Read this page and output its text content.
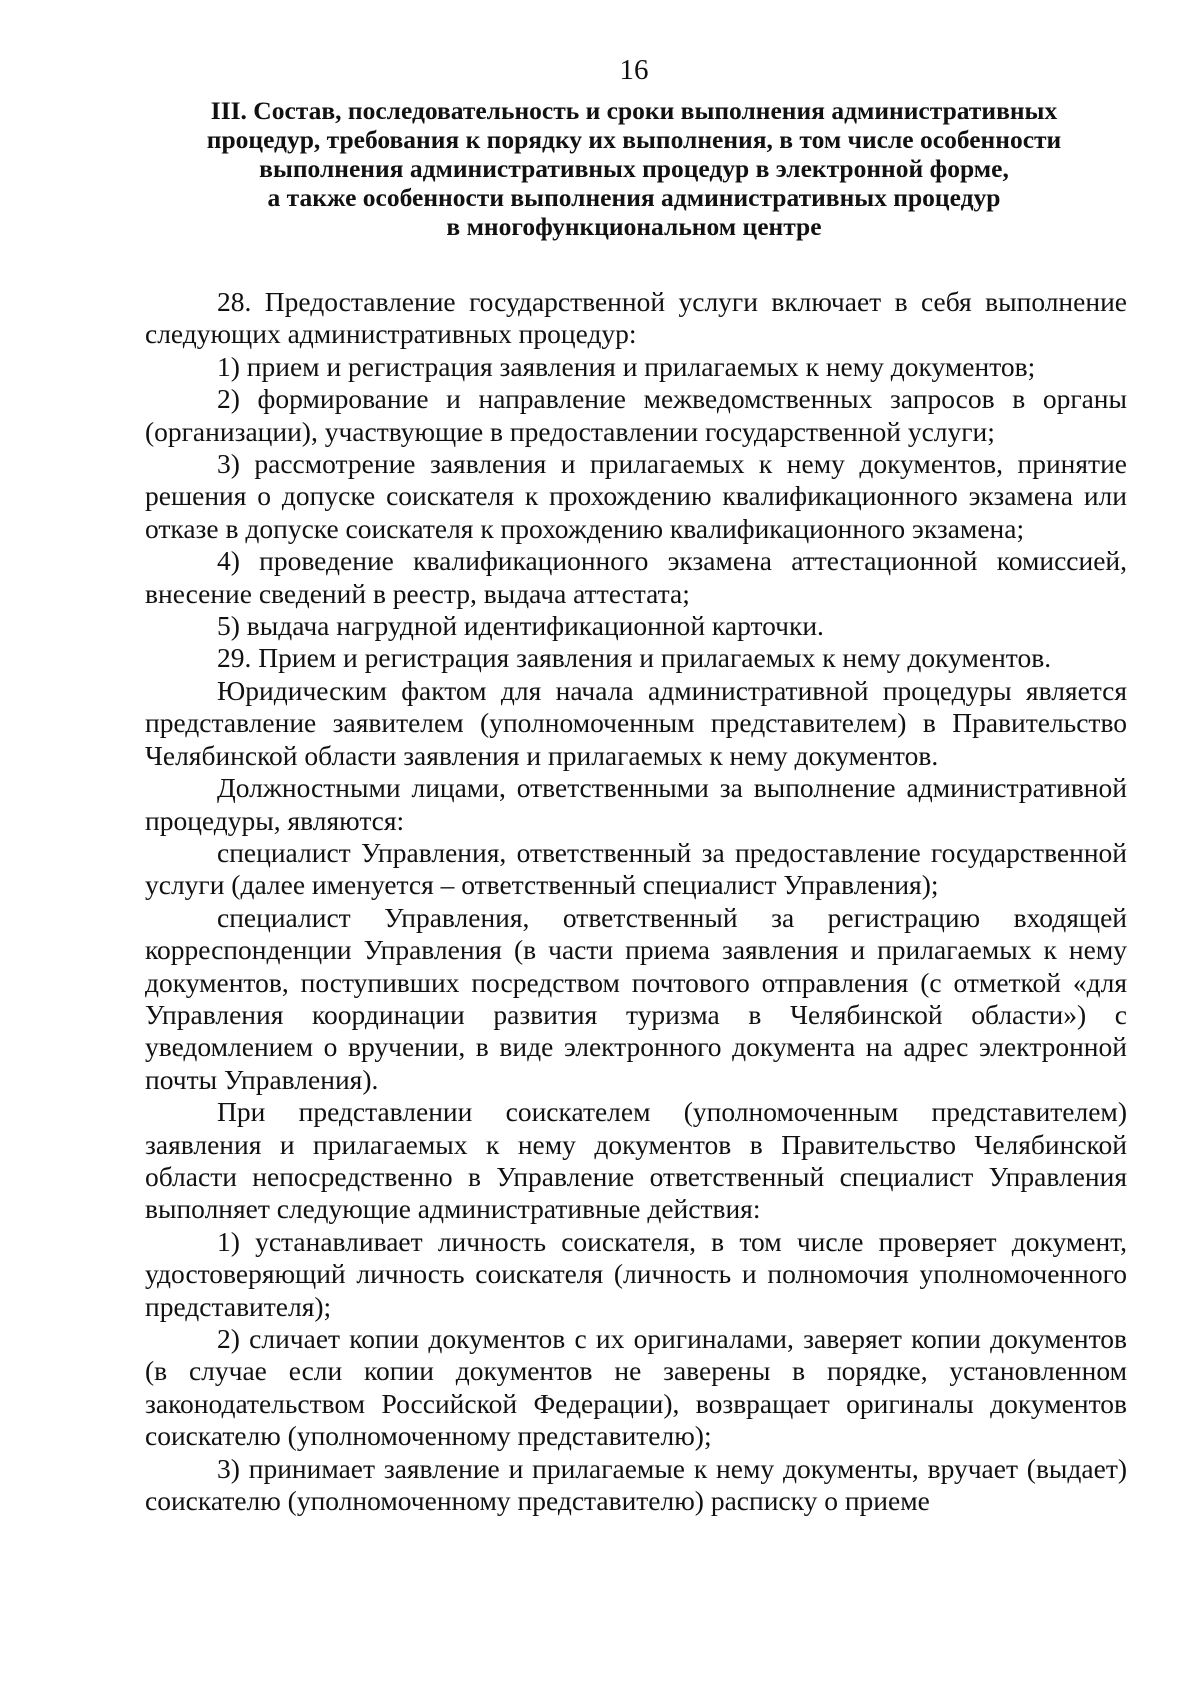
16
III. Состав, последовательность и сроки выполнения административных
процедур, требования к порядку их выполнения, в том числе особенности
выполнения административных процедур в электронной форме,
а также особенности выполнения административных процедур
в многофункциональном центре

28. Предоставление государственной услуги включает в себя выполнение следующих административных процедур:

1) прием и регистрация заявления и прилагаемых к нему документов;

2) формирование и направление межведомственных запросов в органы (организации), участвующие в предоставлении государственной услуги;

3) рассмотрение заявления и прилагаемых к нему документов, принятие решения о допуске соискателя к прохождению квалификационного экзамена или отказе в допуске соискателя к прохождению квалификационного экзамена;

4) проведение квалификационного экзамена аттестационной комиссией, внесение сведений в реестр, выдача аттестата;

5) выдача нагрудной идентификационной карточки.

29. Прием и регистрация заявления и прилагаемых к нему документов.

Юридическим фактом для начала административной процедуры является представление заявителем (уполномоченным представителем) в Правительство Челябинской области заявления и прилагаемых к нему документов.

Должностными лицами, ответственными за выполнение административной процедуры, являются:

специалист Управления, ответственный за предоставление государственной услуги (далее именуется – ответственный специалист Управления);

специалист Управления, ответственный за регистрацию входящей корреспонденции Управления (в части приема заявления и прилагаемых к нему документов, поступивших посредством почтового отправления (с отметкой «для Управления координации развития туризма в Челябинской области») с уведомлением о вручении, в виде электронного документа на адрес электронной почты Управления).

При представлении соискателем (уполномоченным представителем) заявления и прилагаемых к нему документов в Правительство Челябинской области непосредственно в Управление ответственный специалист Управления выполняет следующие административные действия:

1) устанавливает личность соискателя, в том числе проверяет документ, удостоверяющий личность соискателя (личность и полномочия уполномоченного представителя);

2) сличает копии документов с их оригиналами, заверяет копии документов (в случае если копии документов не заверены в порядке, установленном законодательством Российской Федерации), возвращает оригиналы документов соискателю (уполномоченному представителю);

3) принимает заявление и прилагаемые к нему документы, вручает (выдает) соискателю (уполномоченному представителю) расписку о приеме
